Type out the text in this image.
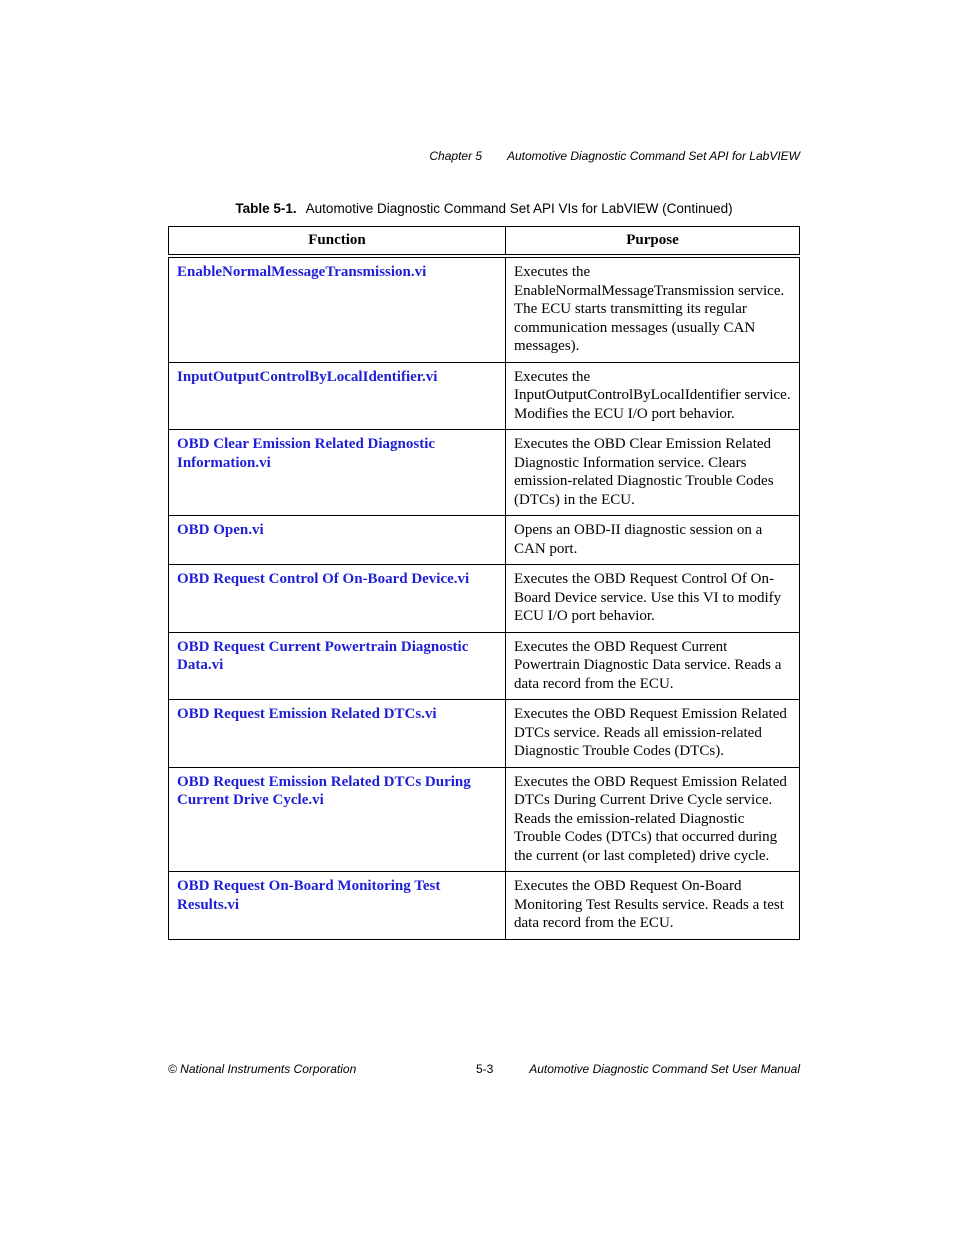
Chapter 5 Automotive Diagnostic Command Set API for LabVIEW
Table 5-1. Automotive Diagnostic Command Set API VIs for LabVIEW (Continued)
Function	Purpose

EnableNormalMessageTransmission.vi	Executes the EnableNormalMessageTransmission service. The ECU starts transmitting its regular communication messages (usually CAN messages).

InputOutputControlByLocalIdentifier.vi	Executes the InputOutputControlByLocalIdentifier service. Modifies the ECU I/O port behavior.

OBD Clear Emission Related Diagnostic Information.vi	Executes the OBD Clear Emission Related Diagnostic Information service. Clears emission-related Diagnostic Trouble Codes (DTCs) in the ECU.

OBD Open.vi	Opens an OBD-II diagnostic session on a CAN port.

OBD Request Control Of On-Board Device.vi	Executes the OBD Request Control Of On-Board Device service. Use this VI to modify ECU I/O port behavior.

OBD Request Current Powertrain Diagnostic Data.vi	Executes the OBD Request Current Powertrain Diagnostic Data service. Reads a data record from the ECU.

OBD Request Emission Related DTCs.vi	Executes the OBD Request Emission Related DTCs service. Reads all emission-related Diagnostic Trouble Codes (DTCs).

OBD Request Emission Related DTCs During Current Drive Cycle.vi	Executes the OBD Request Emission Related DTCs During Current Drive Cycle service. Reads the emission-related Diagnostic Trouble Codes (DTCs) that occurred during the current (or last completed) drive cycle.

OBD Request On-Board Monitoring Test Results.vi	Executes the OBD Request On-Board Monitoring Test Results service. Reads a test data record from the ECU.
© National Instruments Corporation	5-3	Automotive Diagnostic Command Set User Manual
